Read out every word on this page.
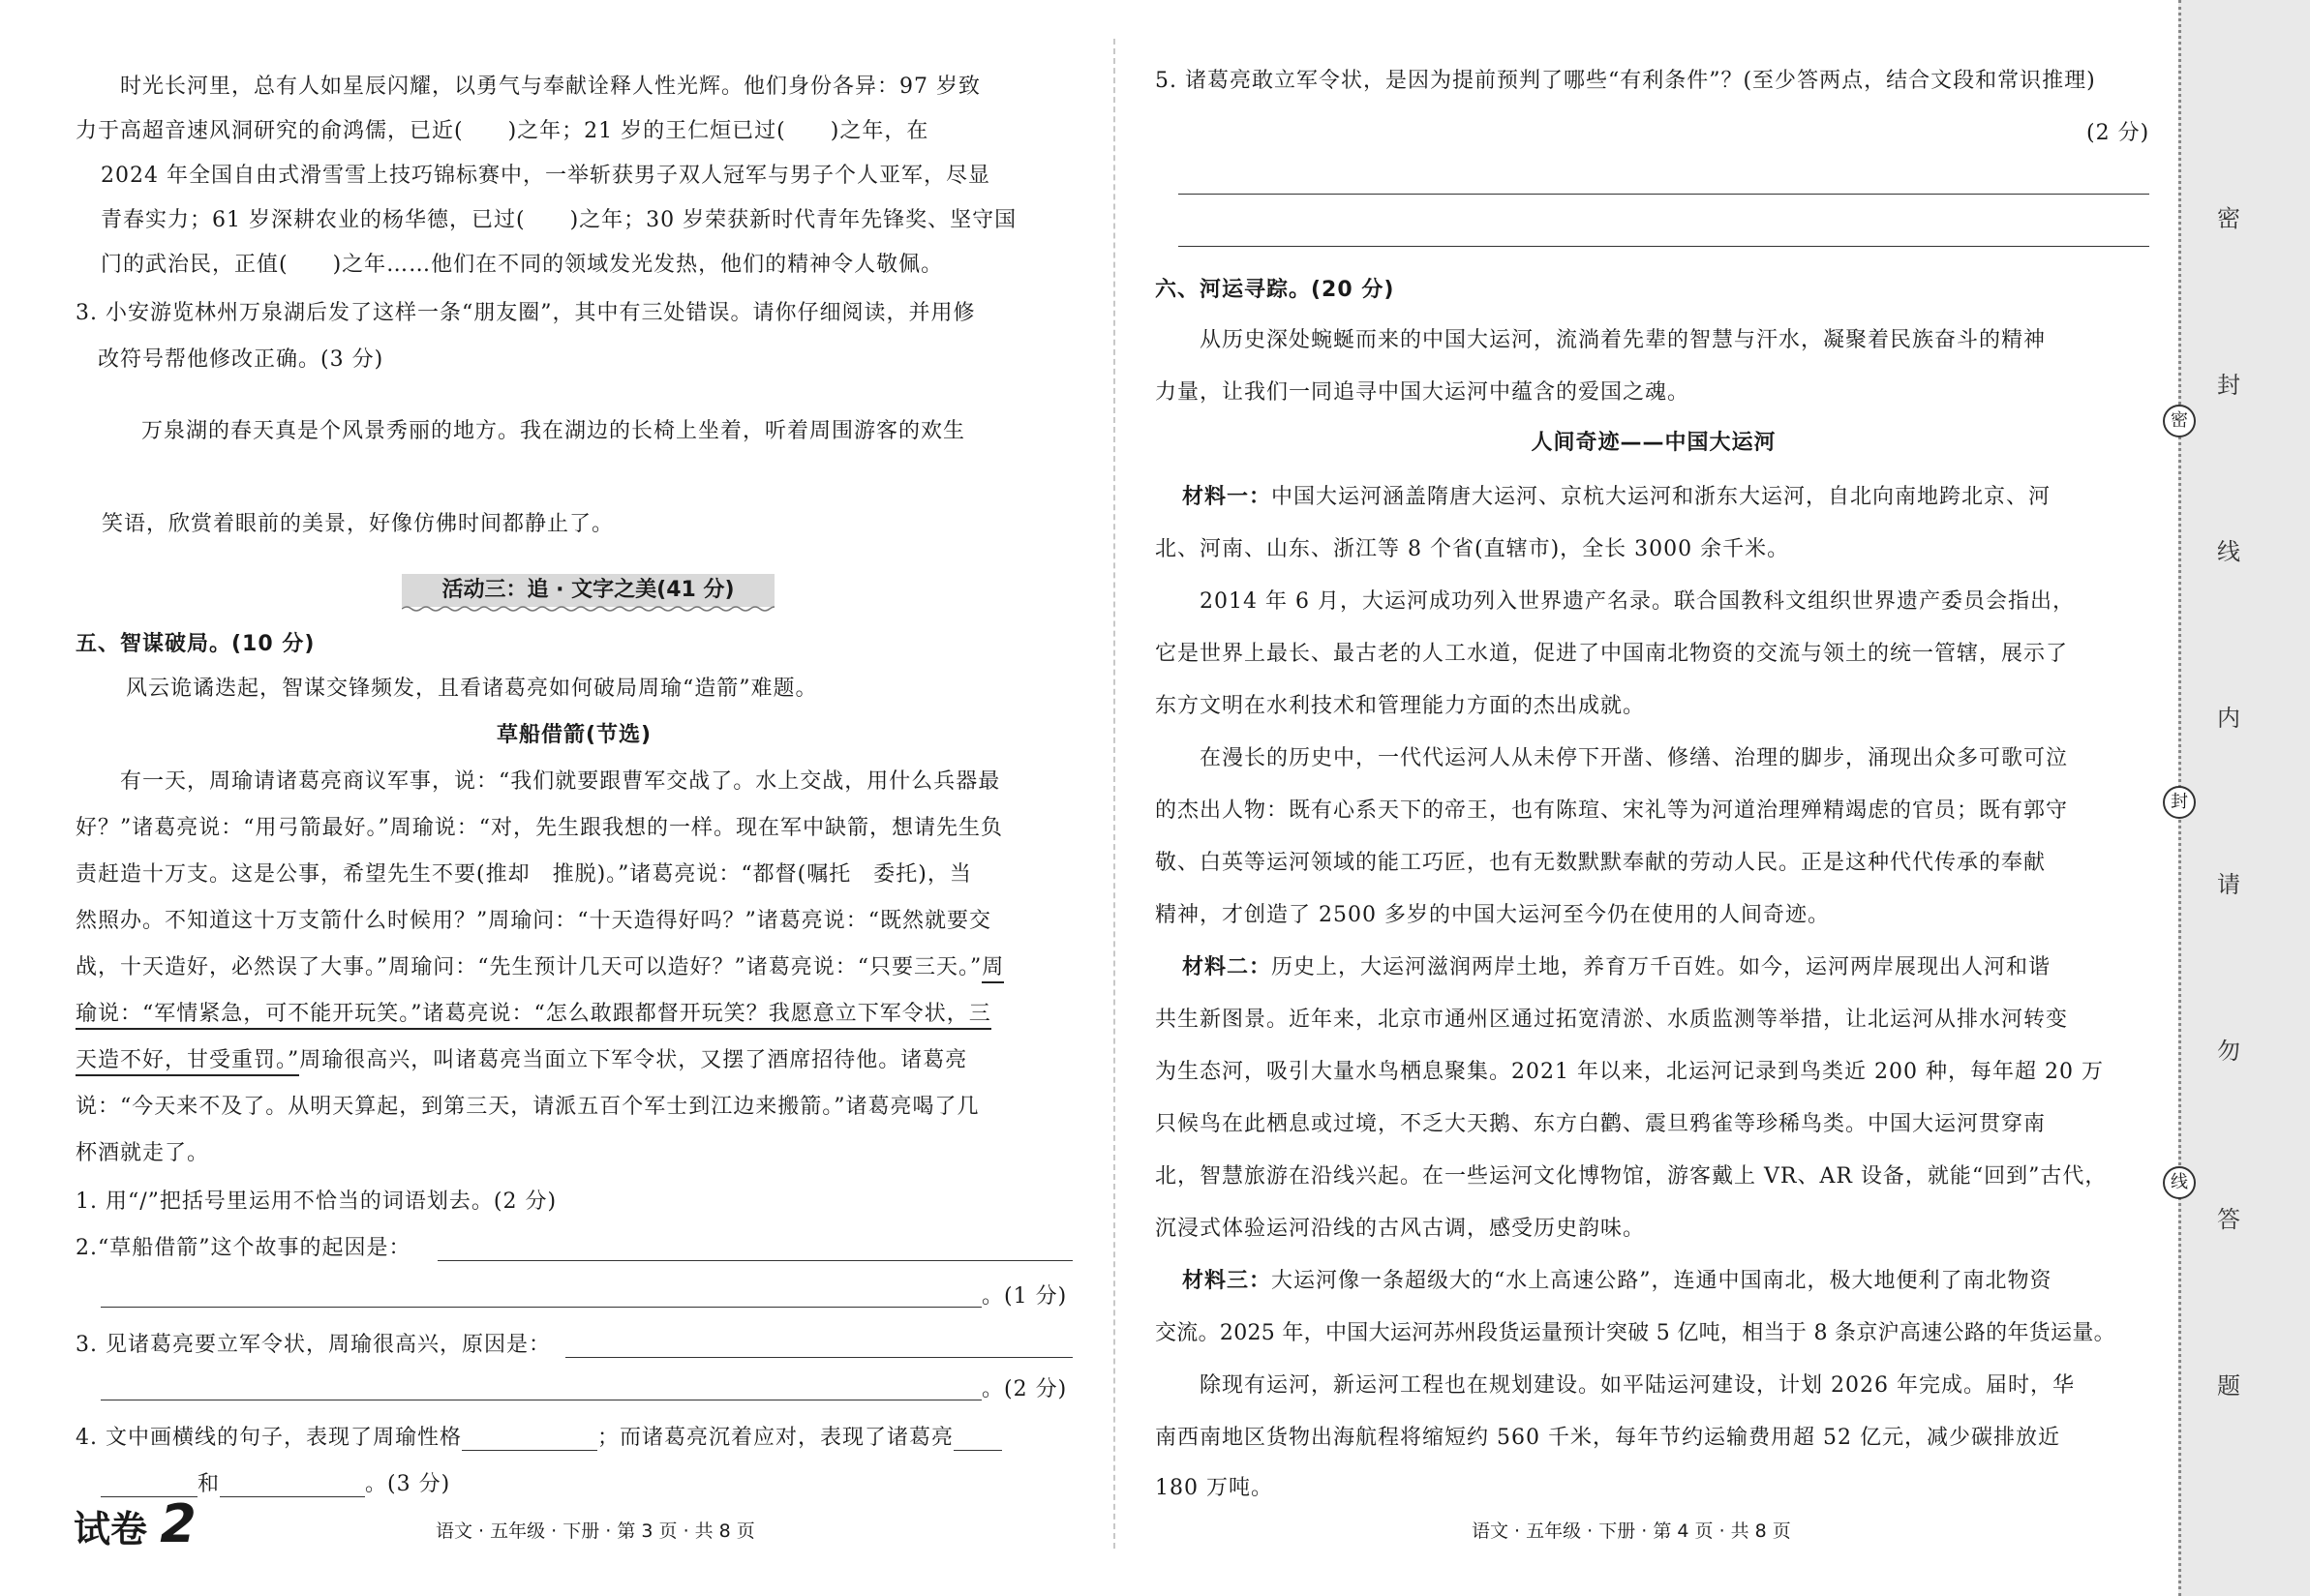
　　时光长河里，总有人如星辰闪耀，以勇气与奉献诠释人性光辉。他们身份各异：97 岁致
力于高超音速风洞研究的俞鸿儒，已近(　　)之年；21 岁的王仁烜已过(　　)之年，在
2024 年全国自由式滑雪雪上技巧锦标赛中，一举斩获男子双人冠军与男子个人亚军，尽显
青春实力；61 岁深耕农业的杨华德，已过(　　)之年；30 岁荣获新时代青年先锋奖、坚守国
门的武治民，正值(　　)之年……他们在不同的领域发光发热，他们的精神令人敬佩。
3. 小安游览林州万泉湖后发了这样一条“朋友圈”，其中有三处错误。请你仔细阅读，并用修
　改符号帮他修改正确。(3 分)
　　万泉湖的春天真是个风景秀丽的地方。我在湖边的长椅上坐着，听着周围游客的欢生
　笑语，欣赏着眼前的美景，好像仿佛时间都静止了。
活动三：追 · 文字之美(41 分)
五、智谋破局。(10 分)
　　风云诡谲迭起，智谋交锋频发，且看诸葛亮如何破局周瑜“造箭”难题。
草船借箭(节选)
　　有一天，周瑜请诸葛亮商议军事，说：“我们就要跟曹军交战了。水上交战，用什么兵器最
好？”诸葛亮说：“用弓箭最好。”周瑜说：“对，先生跟我想的一样。现在军中缺箭，想请先生负
责赶造十万支。这是公事，希望先生不要(推却　推脱)。”诸葛亮说：“都督(嘱托　委托)，当
然照办。不知道这十万支箭什么时候用？”周瑜问：“十天造得好吗？”诸葛亮说：“既然就要交
战，十天造好，必然误了大事。”周瑜问：“先生预计几天可以造好？”诸葛亮说：“只要三天。”周
瑜说：“军情紧急，可不能开玩笑。”诸葛亮说：“怎么敢跟都督开玩笑？我愿意立下军令状，三
天造不好，甘受重罚。”周瑜很高兴，叫诸葛亮当面立下军令状，又摆了酒席招待他。诸葛亮
说：“今天来不及了。从明天算起，到第三天，请派五百个军士到江边来搬箭。”诸葛亮喝了几
杯酒就走了。
1. 用“/”把括号里运用不恰当的词语划去。(2 分)
2.“草船借箭”这个故事的起因是：
。(1 分)
3. 见诸葛亮要立军令状，周瑜很高兴，原因是：
。(2 分)
4. 文中画横线的句子，表现了周瑜性格	；而诸葛亮沉着应对，表现了诸葛亮
和	。(3 分)
试卷 2	语文 · 五年级 · 下册 · 第 3 页 · 共 8 页
5. 诸葛亮敢立军令状，是因为提前预判了哪些“有利条件”？(至少答两点，结合文段和常识推理)
(2 分)
六、河运寻踪。(20 分)
　　从历史深处蜿蜒而来的中国大运河，流淌着先辈的智慧与汗水，凝聚着民族奋斗的精神
力量，让我们一同追寻中国大运河中蕴含的爱国之魂。
人间奇迹——中国大运河
材料一：中国大运河涵盖隋唐大运河、京杭大运河和浙东大运河，自北向南地跨北京、河
北、河南、山东、浙江等 8 个省(直辖市)，全长 3000 余千米。
　　2014 年 6 月，大运河成功列入世界遗产名录。联合国教科文组织世界遗产委员会指出，
它是世界上最长、最古老的人工水道，促进了中国南北物资的交流与领土的统一管辖，展示了
东方文明在水利技术和管理能力方面的杰出成就。
　　在漫长的历史中，一代代运河人从未停下开凿、修缮、治理的脚步，涌现出众多可歌可泣
的杰出人物：既有心系天下的帝王，也有陈瑄、宋礼等为河道治理殚精竭虑的官员；既有郭守
敬、白英等运河领域的能工巧匠，也有无数默默奉献的劳动人民。正是这种代代传承的奉献
精神，才创造了 2500 多岁的中国大运河至今仍在使用的人间奇迹。
材料二：历史上，大运河滋润两岸土地，养育万千百姓。如今，运河两岸展现出人河和谐
共生新图景。近年来，北京市通州区通过拓宽清淤、水质监测等举措，让北运河从排水河转变
为生态河，吸引大量水鸟栖息聚集。2021 年以来，北运河记录到鸟类近 200 种，每年超 20 万
只候鸟在此栖息或过境，不乏大天鹅、东方白鹳、震旦鸦雀等珍稀鸟类。中国大运河贯穿南
北，智慧旅游在沿线兴起。在一些运河文化博物馆，游客戴上 VR、AR 设备，就能“回到”古代，
沉浸式体验运河沿线的古风古调，感受历史韵味。
材料三：大运河像一条超级大的“水上高速公路”，连通中国南北，极大地便利了南北物资
交流。2025 年，中国大运河苏州段货运量预计突破 5 亿吨，相当于 8 条京沪高速公路的年货运量。
　　除现有运河，新运河工程也在规划建设。如平陆运河建设，计划 2026 年完成。届时，华
南西南地区货物出海航程将缩短约 560 千米，每年节约运输费用超 52 亿元，减少碳排放近
180 万吨。
语文 · 五年级 · 下册 · 第 4 页 · 共 8 页
密
封
线
内
请
勿
答
题
密
封
线
